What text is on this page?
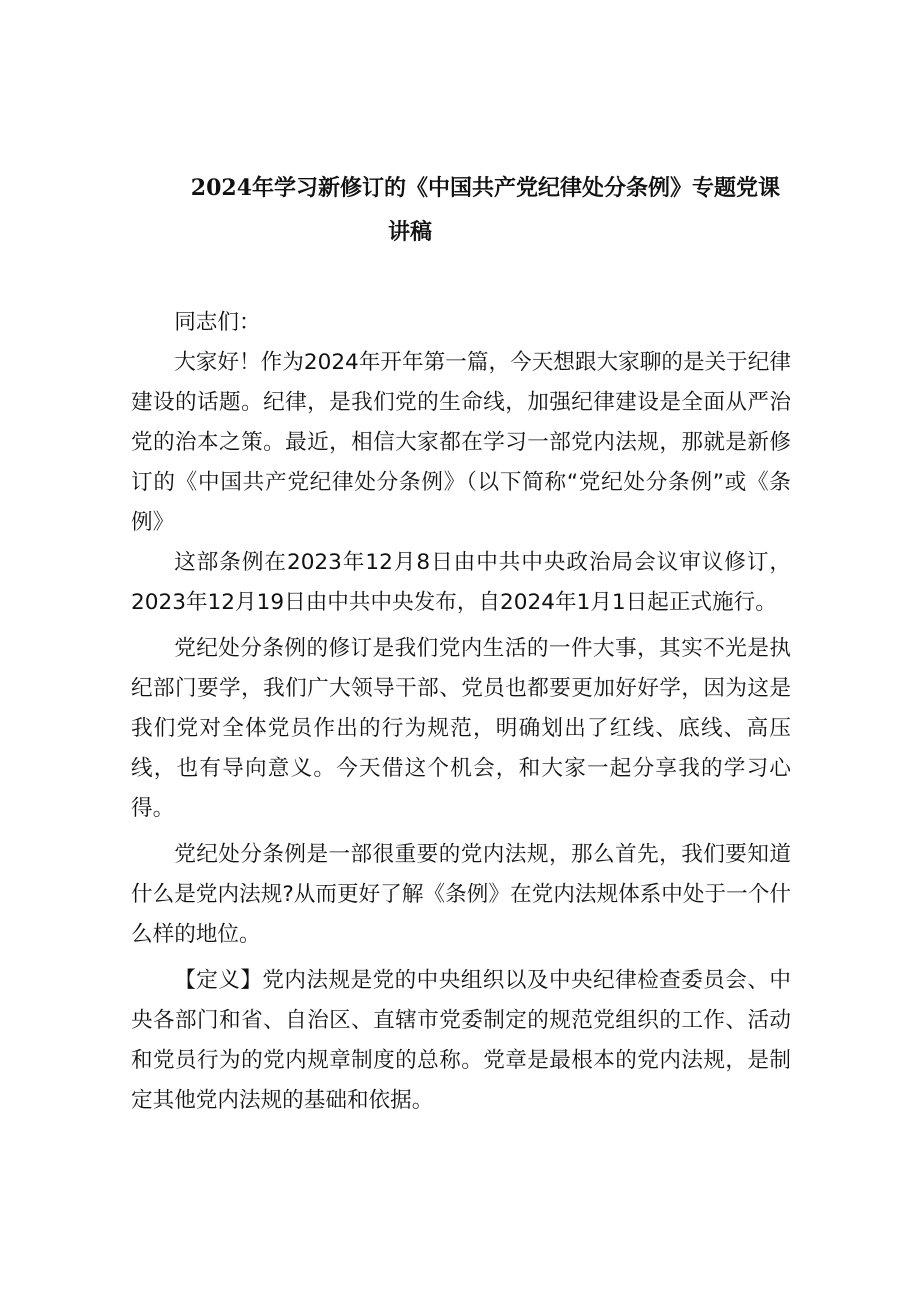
2024年学习新修订的《中国共产党纪律处分条例》专题党课
讲稿

同志们：

大家好！作为2024年开年第一篇，今天想跟大家聊的是关于纪律建设的话题。纪律，是我们党的生命线，加强纪律建设是全面从严治党的治本之策。最近，相信大家都在学习一部党内法规，那就是新修订的《中国共产党纪律处分条例》（以下简称“党纪处分条例”或《条例》

这部条例在2023年12月8日由中共中央政治局会议审议修订，2023年12月19日由中共中央发布，自2024年1月1日起正式施行。

党纪处分条例的修订是我们党内生活的一件大事，其实不光是执纪部门要学，我们广大领导干部、党员也都要更加好好学，因为这是我们党对全体党员作出的行为规范，明确划出了红线、底线、高压线，也有导向意义。今天借这个机会，和大家一起分享我的学习心得。

党纪处分条例是一部很重要的党内法规，那么首先，我们要知道什么是党内法规?从而更好了解《条例》在党内法规体系中处于一个什么样的地位。

【定义】党内法规是党的中央组织以及中央纪律检查委员会、中央各部门和省、自治区、直辖市党委制定的规范党组织的工作、活动和党员行为的党内规章制度的总称。党章是最根本的党内法规，是制定其他党内法规的基础和依据。
